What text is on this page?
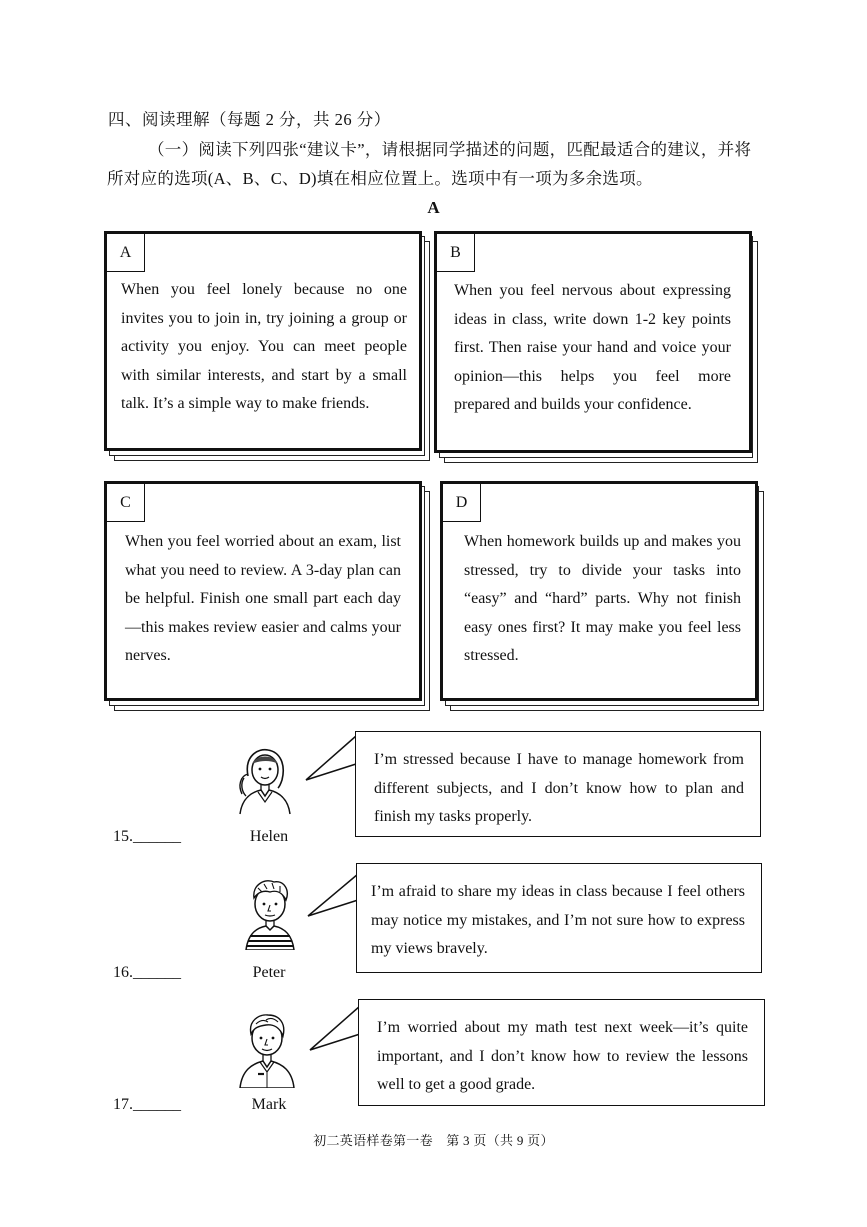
四、阅读理解（每题 2 分，共 26 分）
（一）阅读下列四张“建议卡”，请根据同学描述的问题，匹配最适合的建议，并将
所对应的选项(A、B、C、D)填在相应位置上。选项中有一项为多余选项。
A
A
When you feel lonely because no one invites you to join in, try joining a group or activity you enjoy. You can meet people with similar interests, and start by a small talk. It’s a simple way to make friends.
B
When you feel nervous about expressing ideas in class, write down 1-2 key points first. Then raise your hand and voice your opinion—this helps you feel more prepared and builds your confidence.
C
When you feel worried about an exam, list what you need to review. A 3-day plan can be helpful. Finish one small part each day—this makes review easier and calms your nerves.
D
When homework builds up and makes you stressed, try to divide your tasks into “easy” and “hard” parts. Why not finish easy ones first? It may make you feel less stressed.
15.______	Helen
I’m stressed because I have to manage homework from different subjects, and I don’t know how to plan and finish my tasks properly.
16.______	Peter
I’m afraid to share my ideas in class because I feel others may notice my mistakes, and I’m not sure how to express my views bravely.
17.______	Mark
I’m worried about my math test next week—it’s quite important, and I don’t know how to review the lessons well to get a good grade.
初二英语样卷第一卷　第 3 页（共 9 页）
